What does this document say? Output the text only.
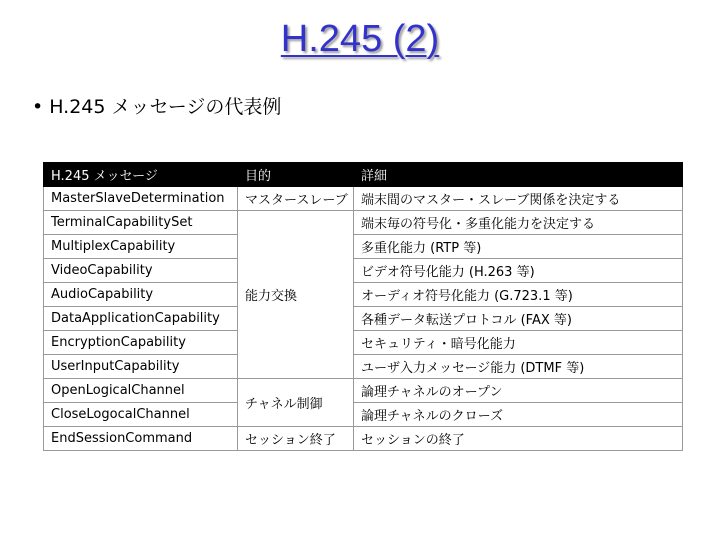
H.245 (2)
• H.245 メッセージの代表例
H.245 メッセージ	目的	詳細
MasterSlaveDetermination	マスタースレーブ	端末間のマスター・スレーブ関係を決定する
TerminalCapabilitySet	能力交換	端末毎の符号化・多重化能力を決定する
MultiplexCapability		多重化能力 (RTP 等)
VideoCapability		ビデオ符号化能力 (H.263 等)
AudioCapability		オーディオ符号化能力 (G.723.1 等)
DataApplicationCapability		各種データ転送プロトコル (FAX 等)
EncryptionCapability		セキュリティ・暗号化能力
UserInputCapability		ユーザ入力メッセージ能力 (DTMF 等)
OpenLogicalChannel	チャネル制御	論理チャネルのオープン
CloseLogocalChannel		論理チャネルのクローズ
EndSessionCommand	セッション終了	セッションの終了
